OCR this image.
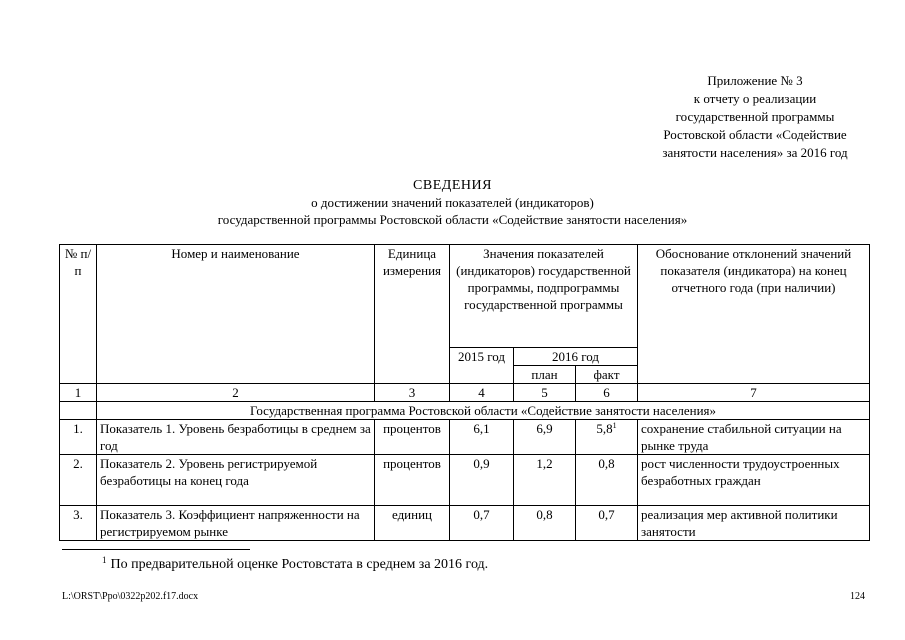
Приложение № 3
к отчету о реализации
государственной программы
Ростовской области «Содействие
занятости населения» за 2016 год
СВЕДЕНИЯ
о достижении значений показателей (индикаторов)
государственной программы Ростовской области «Содействие занятости населения»
№ п/п	Номер и наименование	Единица измерения	Значения показателей (индикаторов) государственной программы, подпрограммы государственной программы			Обоснование отклонений значений показателя (индикатора) на конец отчетного года (при наличии)
			2015 год	2016 год		
				план	факт	
1	2	3	4	5	6	7
	Государственная программа Ростовской области «Содействие занятости населения»					
1.	Показатель 1. Уровень безработицы в среднем за год	процентов	6,1	6,9	$5,8^1$	сохранение стабильной ситуации на рынке труда
2.	Показатель 2. Уровень регистрируемой безработицы на конец года	процентов	0,9	1,2	0,8	рост численности трудоустроенных безработных граждан
3.	Показатель 3. Коэффициент напряженности на регистрируемом рынке	единиц	0,7	0,8	0,7	реализация мер активной политики занятости
$^1$ По предварительной оценке Ростовстата в среднем за 2016 год.
L:\ORST\Ppo\0322p202.f17.docx	124
